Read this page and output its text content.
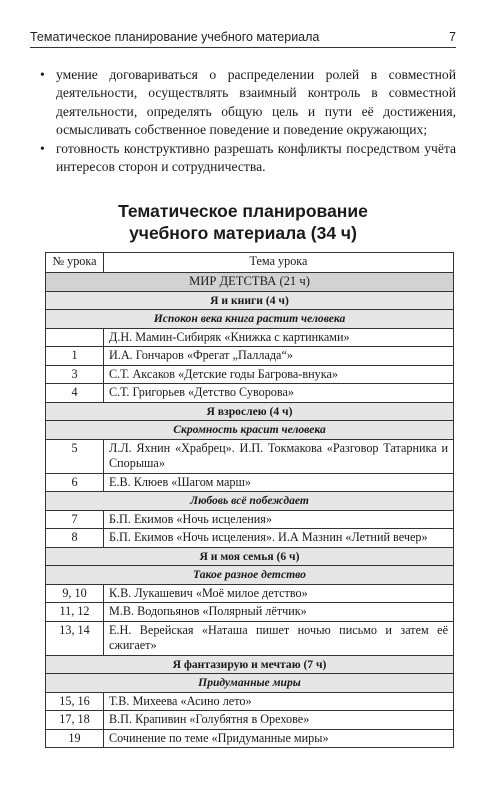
Тематическое планирование учебного материала	7
• умение договариваться о распределении ролей в совместной деятельности, осуществлять взаимный контроль в совместной деятельности, определять общую цель и пути её достижения, осмысливать собственное поведение и поведение окружающих;
• готовность конструктивно разрешать конфликты посредством учёта интересов сторон и сотрудничества.
Тематическое планирование
учебного материала (34 ч)
№ урока	Тема урока
МИР ДЕТСТВА (21 ч)	
Я и книги (4 ч)	
Испокон века книга растит человека	
	Д.Н. Мамин-Сибиряк «Книжка с картинками»
1	И.А. Гончаров «Фрегат „Паллада“»
3	С.Т. Аксаков «Детские годы Багрова-внука»
4	С.Т. Григорьев «Детство Суворова»
Я взрослею (4 ч)	
Скромность красит человека	
5	Л.Л. Яхнин «Храбрец». И.П. Токмакова «Разговор Татарника и Спорыша»
6	Е.В. Клюев «Шагом марш»
Любовь всё побеждает	
7	Б.П. Екимов «Ночь исцеления»
8	Б.П. Екимов «Ночь исцеления». И.А Мазнин «Летний вечер»
Я и моя семья (6 ч)	
Такое разное детство	
9, 10	К.В. Лукашевич «Моё милое детство»
11, 12	М.В. Водопьянов «Полярный лётчик»
13, 14	Е.Н. Верейская «Наташа пишет ночью письмо и затем её сжигает»
Я фантазирую и мечтаю (7 ч)	
Придуманные миры	
15, 16	Т.В. Михеева «Асино лето»
17, 18	В.П. Крапивин «Голубятня в Орехове»
19	Сочинение по теме «Придуманные миры»
